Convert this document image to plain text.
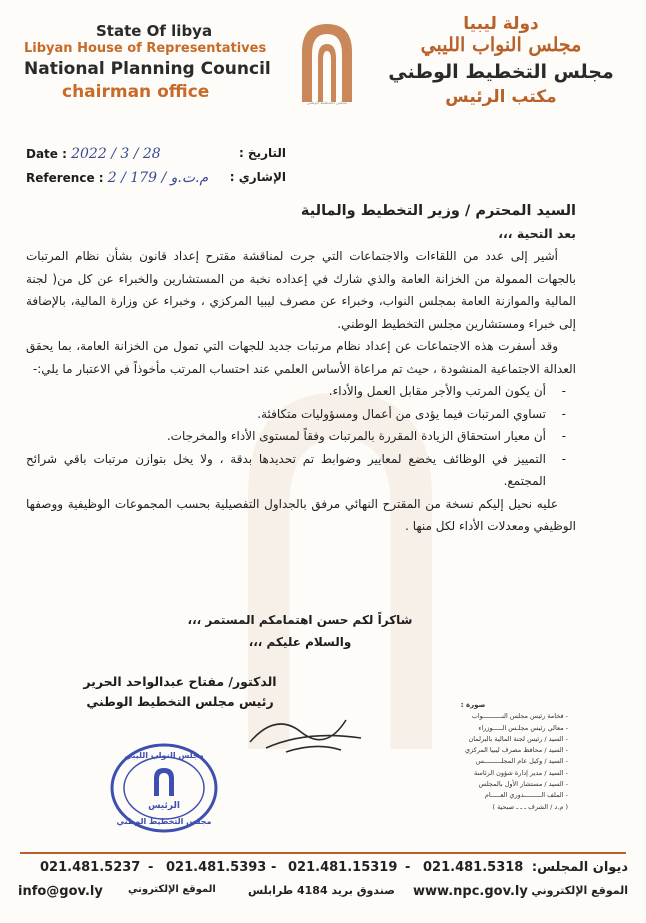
State Of libya
Libyan House of Representatives
National Planning Council
chairman office
مجلس التخطيط الوطني
دولة ليبيا
مجلس النواب الليبي
مجلس التخطيط الوطني
مكتب الرئيس
Date : 2022 / 3 / 28
Reference : 2 / 179 / م.ت.و
التاريخ :
الإشاري :
السيد المحترم / وزير التخطيط والمالية
بعد التحية ،،،

أشير إلى عدد من اللقاءات والاجتماعات التي جرت لمناقشة مقترح إعداد قانون بشأن نظام المرتبات بالجهات الممولة من الخزانة العامة والذي شارك في إعداده نخبة من المستشارين والخبراء عن كل من( لجنة المالية والموازنة العامة بمجلس النواب، وخبراء عن مصرف ليبيا المركزي ، وخبراء عن وزارة المالية، بالإضافة إلى خبراء ومستشارين مجلس التخطيط الوطني.

وقد أسفرت هذه الاجتماعات عن إعداد نظام مرتبات جديد للجهات التي تمول من الخزانة العامة، بما يحقق العدالة الاجتماعية المنشودة ، حيث تم مراعاة الأساس العلمي عند احتساب المرتب مأخوذاً في الاعتبار ما يلي:-

- أن يكون المرتب والأجر مقابل العمل والأداء.
- تساوي المرتبات فيما يؤدى من أعمال ومسؤوليات متكافئة.
- أن معيار استحقاق الزيادة المقررة بالمرتبات وفقاً لمستوى الأداء والمخرجات.
- التمييز في الوظائف يخضع لمعايير وضوابط تم تحديدها بدقة ، ولا يخل بتوازن مرتبات باقي شرائح المجتمع.

عليه نحيل إليكم نسخة من المقترح النهائي مرفق بالجداول التفصيلية بحسب المجموعات الوظيفية ووصفها الوظيفي ومعدلات الأداء لكل منها .

شاكراً لكم حسن اهتمامكم المستمر ،،،
والسلام عليكم ،،،
الدكتور/ مفتاح عبدالواحد الحرير
رئيس مجلس التخطيط الوطني
مجلس النواب الليبي
الرئيس
مجلس التخطيط الوطني
صورة :
- فخامة رئيس مجلس النــــــــــواب
- معالي رئيس مجلـس الـــــوزراء
- السيد / رئيس لجنة المالية بالبرلمان
- السيد / محافظ مصرف ليبيا المركزي
- السيد / وكيل عام المجلـــــــــس
- السيد / مدير إدارة شؤون الرئاسة
- السيد / مستشار الأول بالمجلس
- الملف الـــــــــدوري العـــــام
( م.د / الشرف ـ ـ ـ صبحية )
ديوان المجلس:
021.481.5318
-
021.481.15319
-
021.481.5393
-
021.481.5237
الموقع الإلكتروني
www.npc.gov.ly
صندوق بريد 4184 طرابلس
الموقع الإلكتروني
info@gov.ly
